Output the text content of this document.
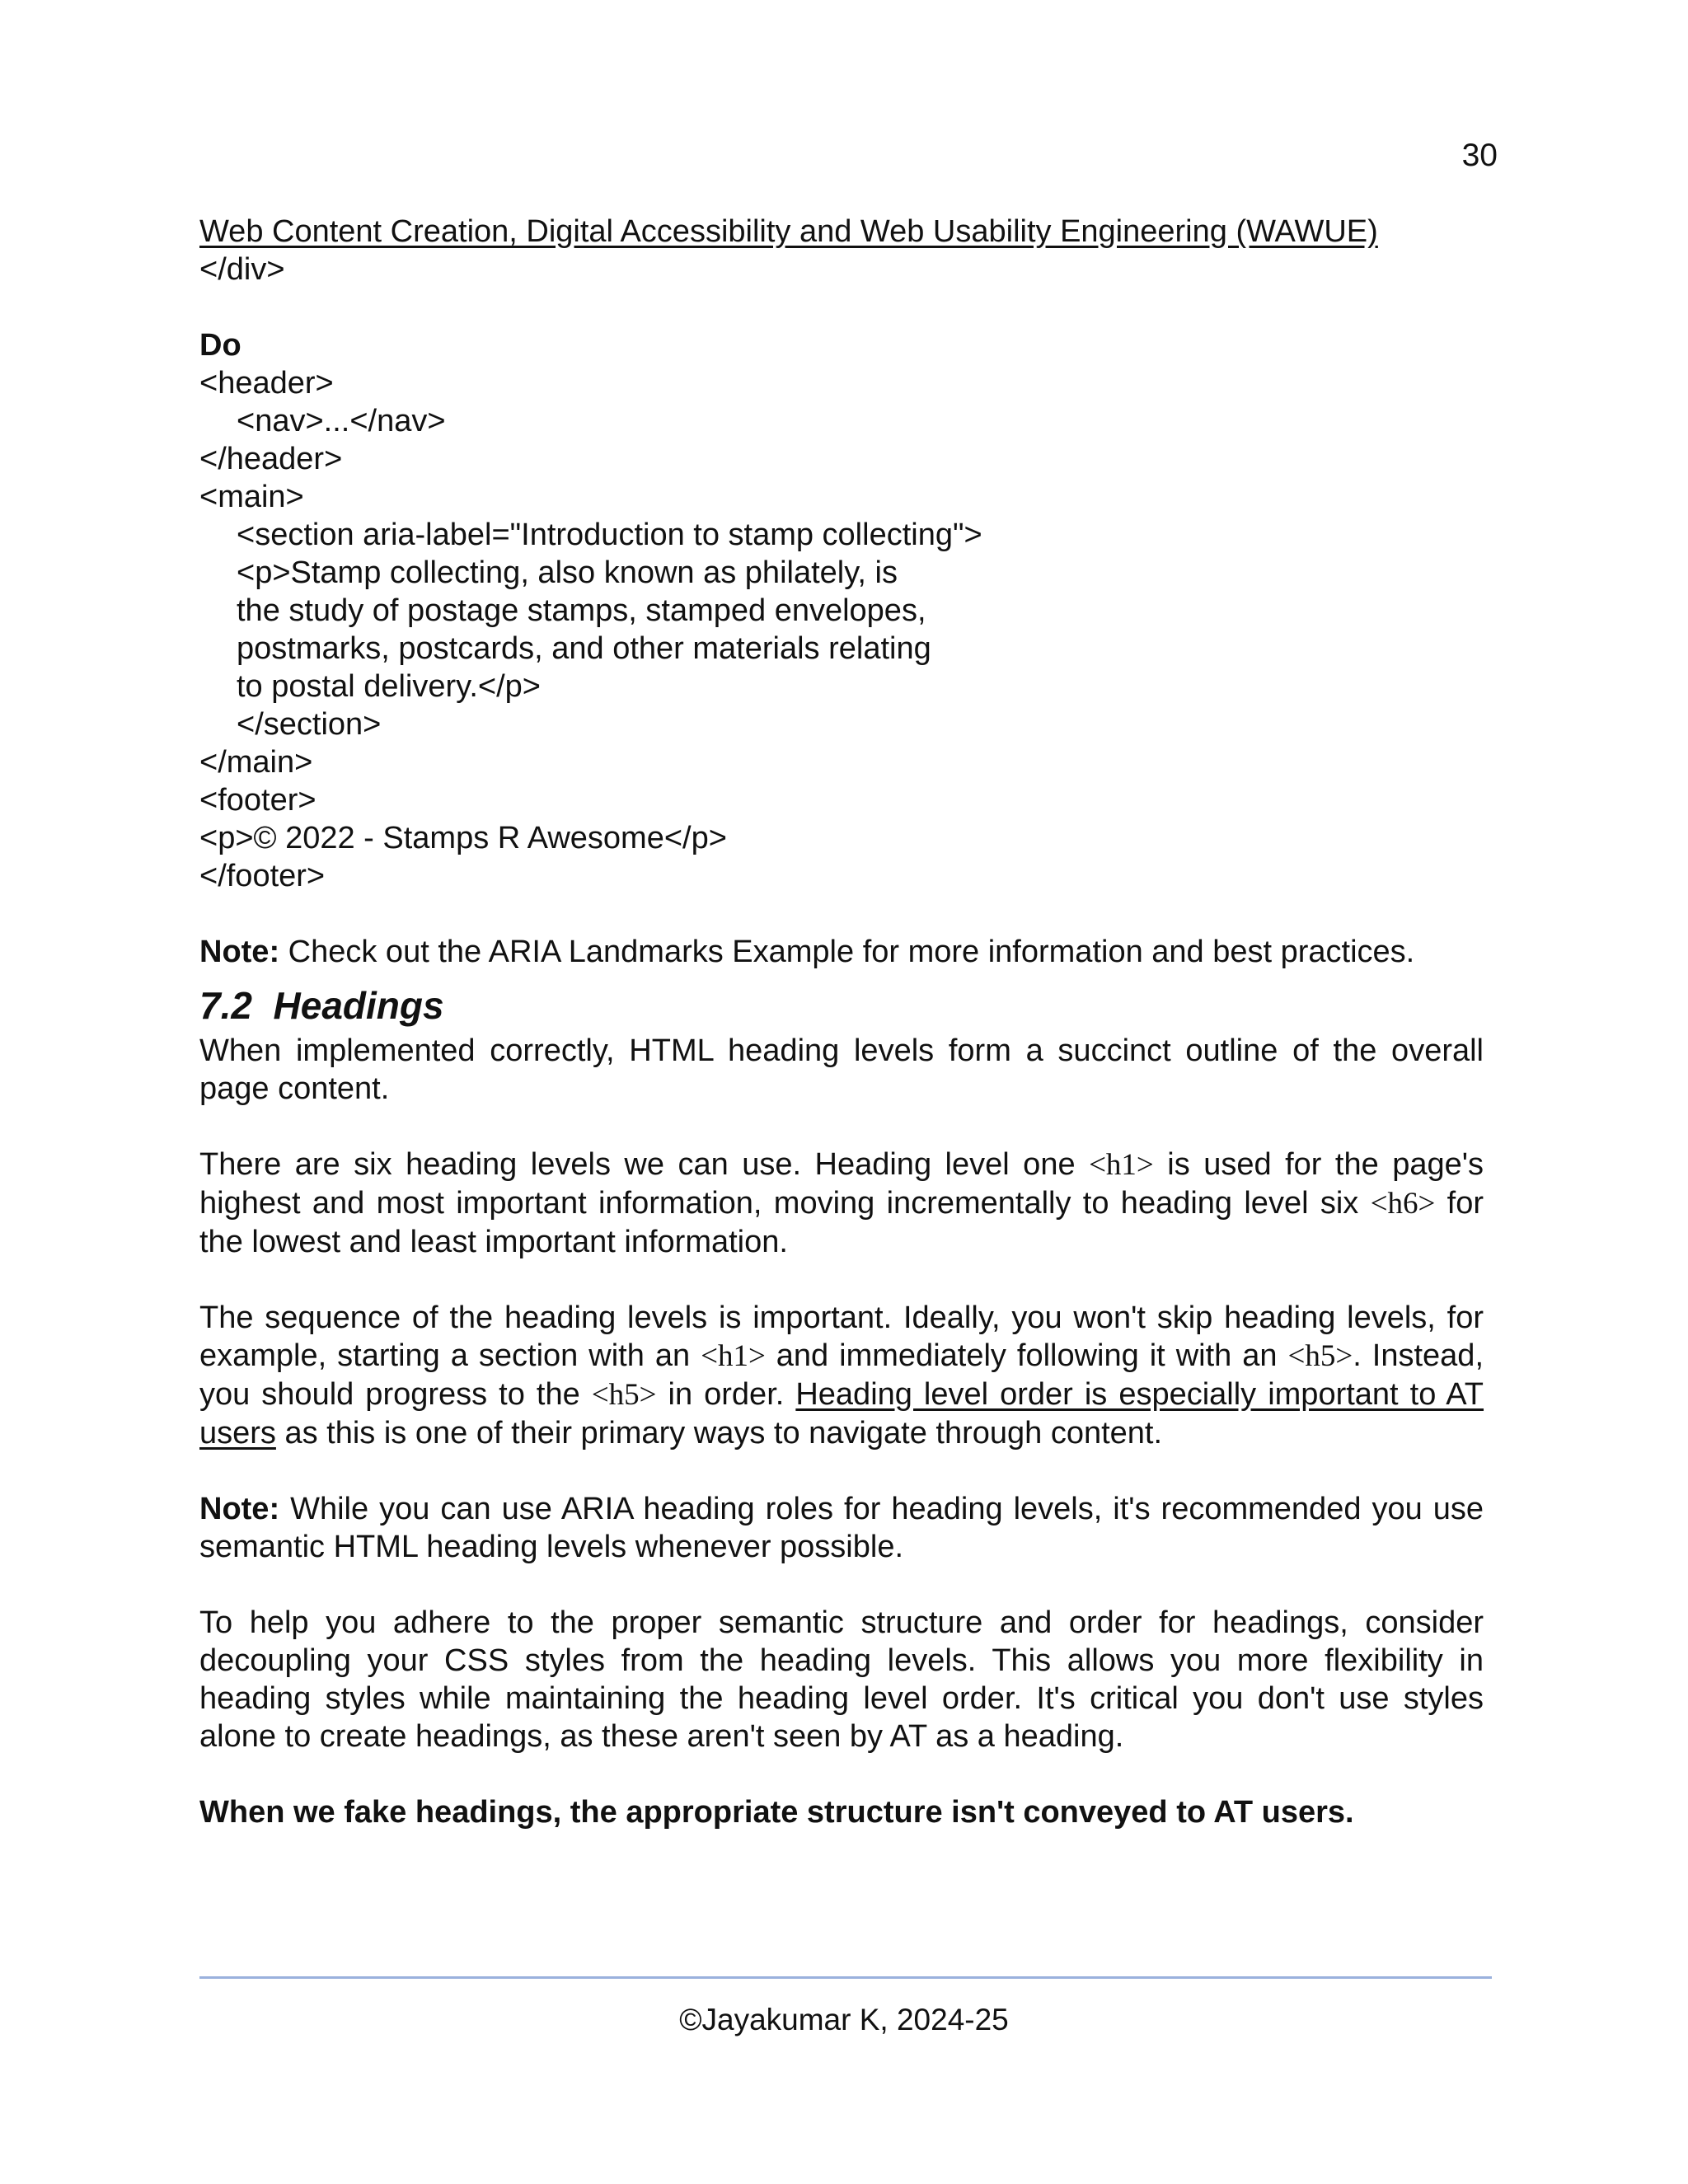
30
Web Content Creation, Digital Accessibility and Web Usability Engineering (WAWUE)
</div>
Do
<header>
<nav>...</nav>
</header>
<main>
<section aria-label="Introduction to stamp collecting">
<p>Stamp collecting, also known as philately, is
the study of postage stamps, stamped envelopes,
postmarks, postcards, and other materials relating
to postal delivery.</p>
</section>
</main>
<footer>
<p>© 2022 - Stamps R Awesome</p>
</footer>
Note: Check out the ARIA Landmarks Example for more information and best practices.
7.2 Headings

When implemented correctly, HTML heading levels form a succinct outline of the overall page content.

There are six heading levels we can use. Heading level one <h1> is used for the page's highest and most important information, moving incrementally to heading level six <h6> for the lowest and least important information.

The sequence of the heading levels is important. Ideally, you won't skip heading levels, for example, starting a section with an <h1> and immediately following it with an <h5>. Instead, you should progress to the <h5> in order. Heading level order is especially important to AT users as this is one of their primary ways to navigate through content.

Note: While you can use ARIA heading roles for heading levels, it's recommended you use semantic HTML heading levels whenever possible.

To help you adhere to the proper semantic structure and order for headings, consider decoupling your CSS styles from the heading levels. This allows you more flexibility in heading styles while maintaining the heading level order. It's critical you don't use styles alone to create headings, as these aren't seen by AT as a heading.

When we fake headings, the appropriate structure isn't conveyed to AT users.

©Jayakumar K, 2024-25
